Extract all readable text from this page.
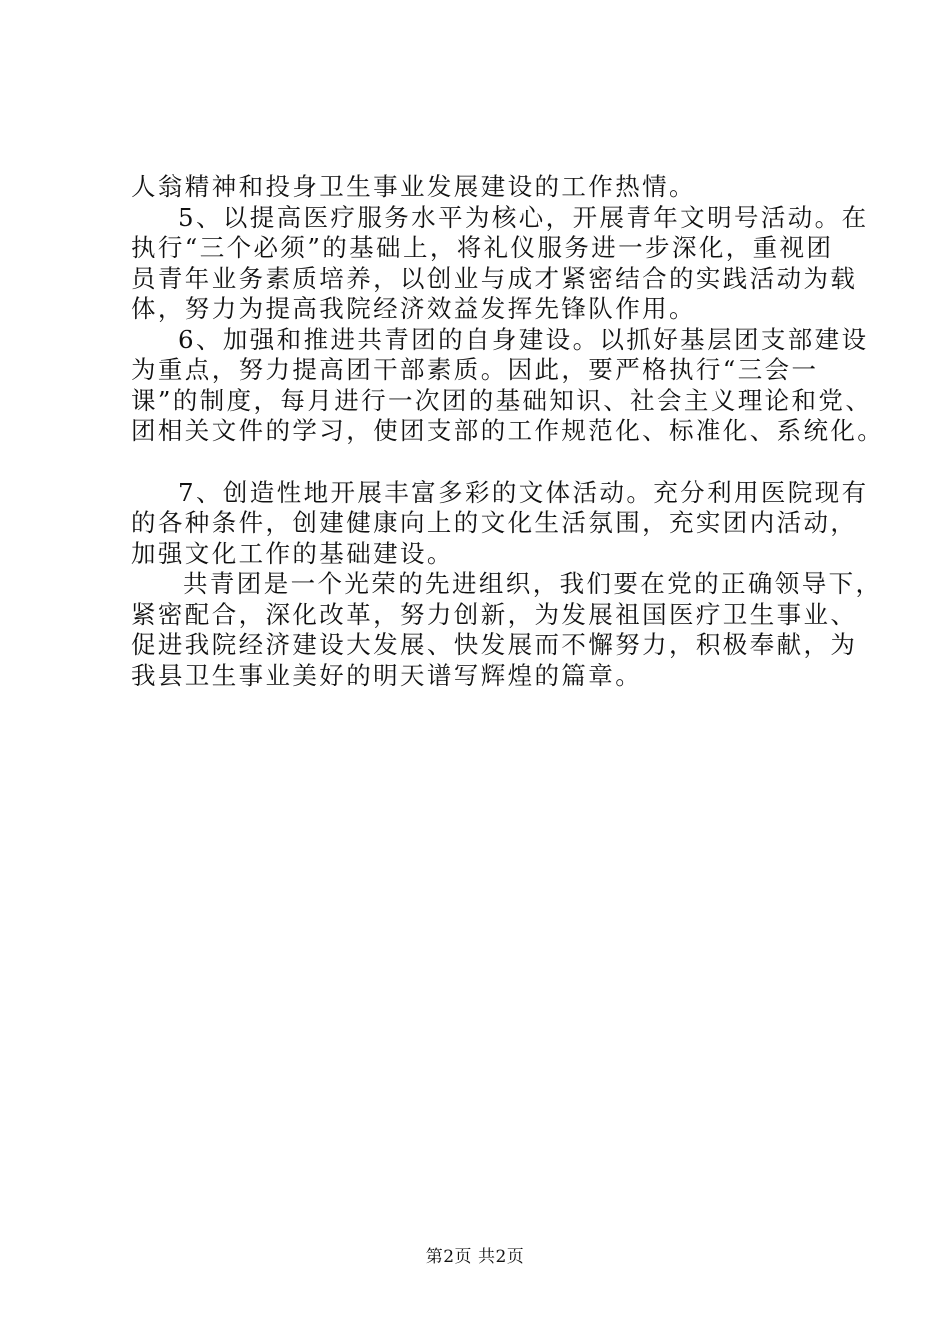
人翁精神和投身卫生事业发展建设的工作热情。
5、以提高医疗服务水平为核心，开展青年文明号活动。在
执行“三个必须”的基础上，将礼仪服务进一步深化，重视团
员青年业务素质培养，以创业与成才紧密结合的实践活动为载
体，努力为提高我院经济效益发挥先锋队作用。
6、加强和推进共青团的自身建设。以抓好基层团支部建设
为重点，努力提高团干部素质。因此，要严格执行“三会一
课”的制度，每月进行一次团的基础知识、社会主义理论和党、
团相关文件的学习，使团支部的工作规范化、标准化、系统化。
7、创造性地开展丰富多彩的文体活动。充分利用医院现有
的各种条件，创建健康向上的文化生活氛围，充实团内活动，
加强文化工作的基础建设。
共青团是一个光荣的先进组织，我们要在党的正确领导下，
紧密配合，深化改革，努力创新，为发展祖国医疗卫生事业、
促进我院经济建设大发展、快发展而不懈努力，积极奉献，为
我县卫生事业美好的明天谱写辉煌的篇章。
第2页 共2页
